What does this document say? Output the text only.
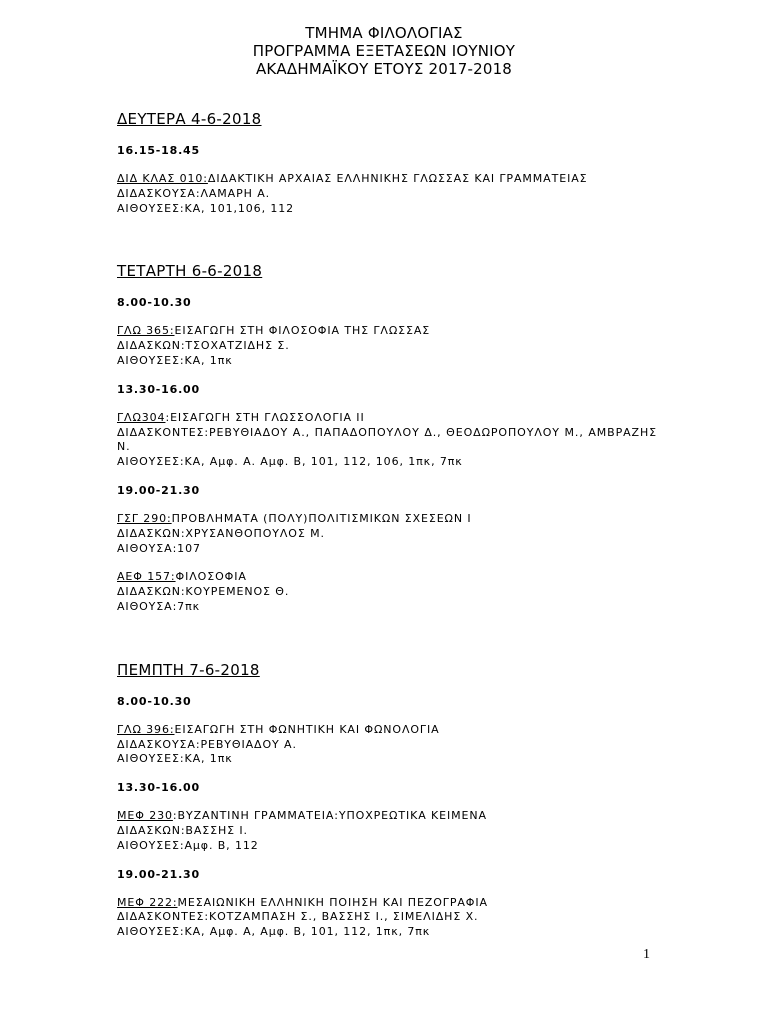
ΤΜΗΜΑ ΦΙΛΟΛΟΓΙΑΣ
ΠΡΟΓΡΑΜΜΑ ΕΞΕΤΑΣΕΩΝ ΙΟΥΝΙΟΥ
ΑΚΑΔΗΜΑΪΚΟΥ ΕΤΟΥΣ 2017-2018
ΔΕΥΤΕΡΑ 4-6-2018
16.15-18.45
ΔΙΔ ΚΛΑΣ 010:ΔΙΔΑΚΤΙΚΗ ΑΡΧΑΙΑΣ ΕΛΛΗΝΙΚΗΣ ΓΛΩΣΣΑΣ ΚΑΙ ΓΡΑΜΜΑΤΕΙΑΣ
ΔΙΔΑΣΚΟΥΣΑ:ΛΑΜΑΡΗ Α.
ΑΙΘΟΥΣΕΣ:ΚΑ, 101,106, 112
ΤΕΤΑΡΤΗ 6-6-2018
8.00-10.30
ΓΛΩ 365:ΕΙΣΑΓΩΓΗ ΣΤΗ ΦΙΛΟΣΟΦΙΑ ΤΗΣ ΓΛΩΣΣΑΣ
ΔΙΔΑΣΚΩΝ:ΤΣΟΧΑΤΖΙΔΗΣ Σ.
ΑΙΘΟΥΣΕΣ:ΚΑ, 1πκ
13.30-16.00
ΓΛΩ304:ΕΙΣΑΓΩΓΗ ΣΤΗ ΓΛΩΣΣΟΛΟΓΙΑ ΙΙ
ΔΙΔΑΣΚΟΝΤΕΣ:ΡΕΒΥΘΙΑΔΟΥ Α., ΠΑΠΑΔΟΠΟΥΛΟΥ Δ., ΘΕΟΔΩΡΟΠΟΥΛΟΥ Μ., ΑΜΒΡΑΖΗΣ Ν.
ΑΙΘΟΥΣΕΣ:ΚΑ, Αμφ. Α. Αμφ. Β, 101, 112, 106, 1πκ, 7πκ
19.00-21.30
ΓΣΓ 290:ΠΡΟΒΛΗΜΑΤΑ (ΠΟΛΥ)ΠΟΛΙΤΙΣΜΙΚΩΝ ΣΧΕΣΕΩΝ Ι
ΔΙΔΑΣΚΩΝ:ΧΡΥΣΑΝΘΟΠΟΥΛΟΣ Μ.
ΑΙΘΟΥΣΑ:107
ΑΕΦ 157:ΦΙΛΟΣΟΦΙΑ
ΔΙΔΑΣΚΩΝ:ΚΟΥΡΕΜΕΝΟΣ Θ.
ΑΙΘΟΥΣΑ:7πκ
ΠΕΜΠΤΗ 7-6-2018
8.00-10.30
ΓΛΩ 396:ΕΙΣΑΓΩΓΗ ΣΤΗ ΦΩΝΗΤΙΚΗ ΚΑΙ ΦΩΝΟΛΟΓΙΑ
ΔΙΔΑΣΚΟΥΣΑ:ΡΕΒΥΘΙΑΔΟΥ Α.
ΑΙΘΟΥΣΕΣ:ΚΑ, 1πκ
13.30-16.00
ΜΕΦ 230:ΒΥΖΑΝΤΙΝΗ ΓΡΑΜΜΑΤΕΙΑ:ΥΠΟΧΡΕΩΤΙΚΑ ΚΕΙΜΕΝΑ
ΔΙΔΑΣΚΩΝ:ΒΑΣΣΗΣ Ι.
ΑΙΘΟΥΣΕΣ:Αμφ. Β, 112
19.00-21.30
ΜΕΦ 222:ΜΕΣΑΙΩΝΙΚΗ ΕΛΛΗΝΙΚΗ ΠΟΙΗΣΗ ΚΑΙ ΠΕΖΟΓΡΑΦΙΑ
ΔΙΔΑΣΚΟΝΤΕΣ:ΚΟΤΖΑΜΠΑΣΗ Σ., ΒΑΣΣΗΣ Ι., ΣΙΜΕΛΙΔΗΣ Χ.
ΑΙΘΟΥΣΕΣ:ΚΑ, Αμφ. Α, Αμφ. Β, 101, 112, 1πκ, 7πκ
1
